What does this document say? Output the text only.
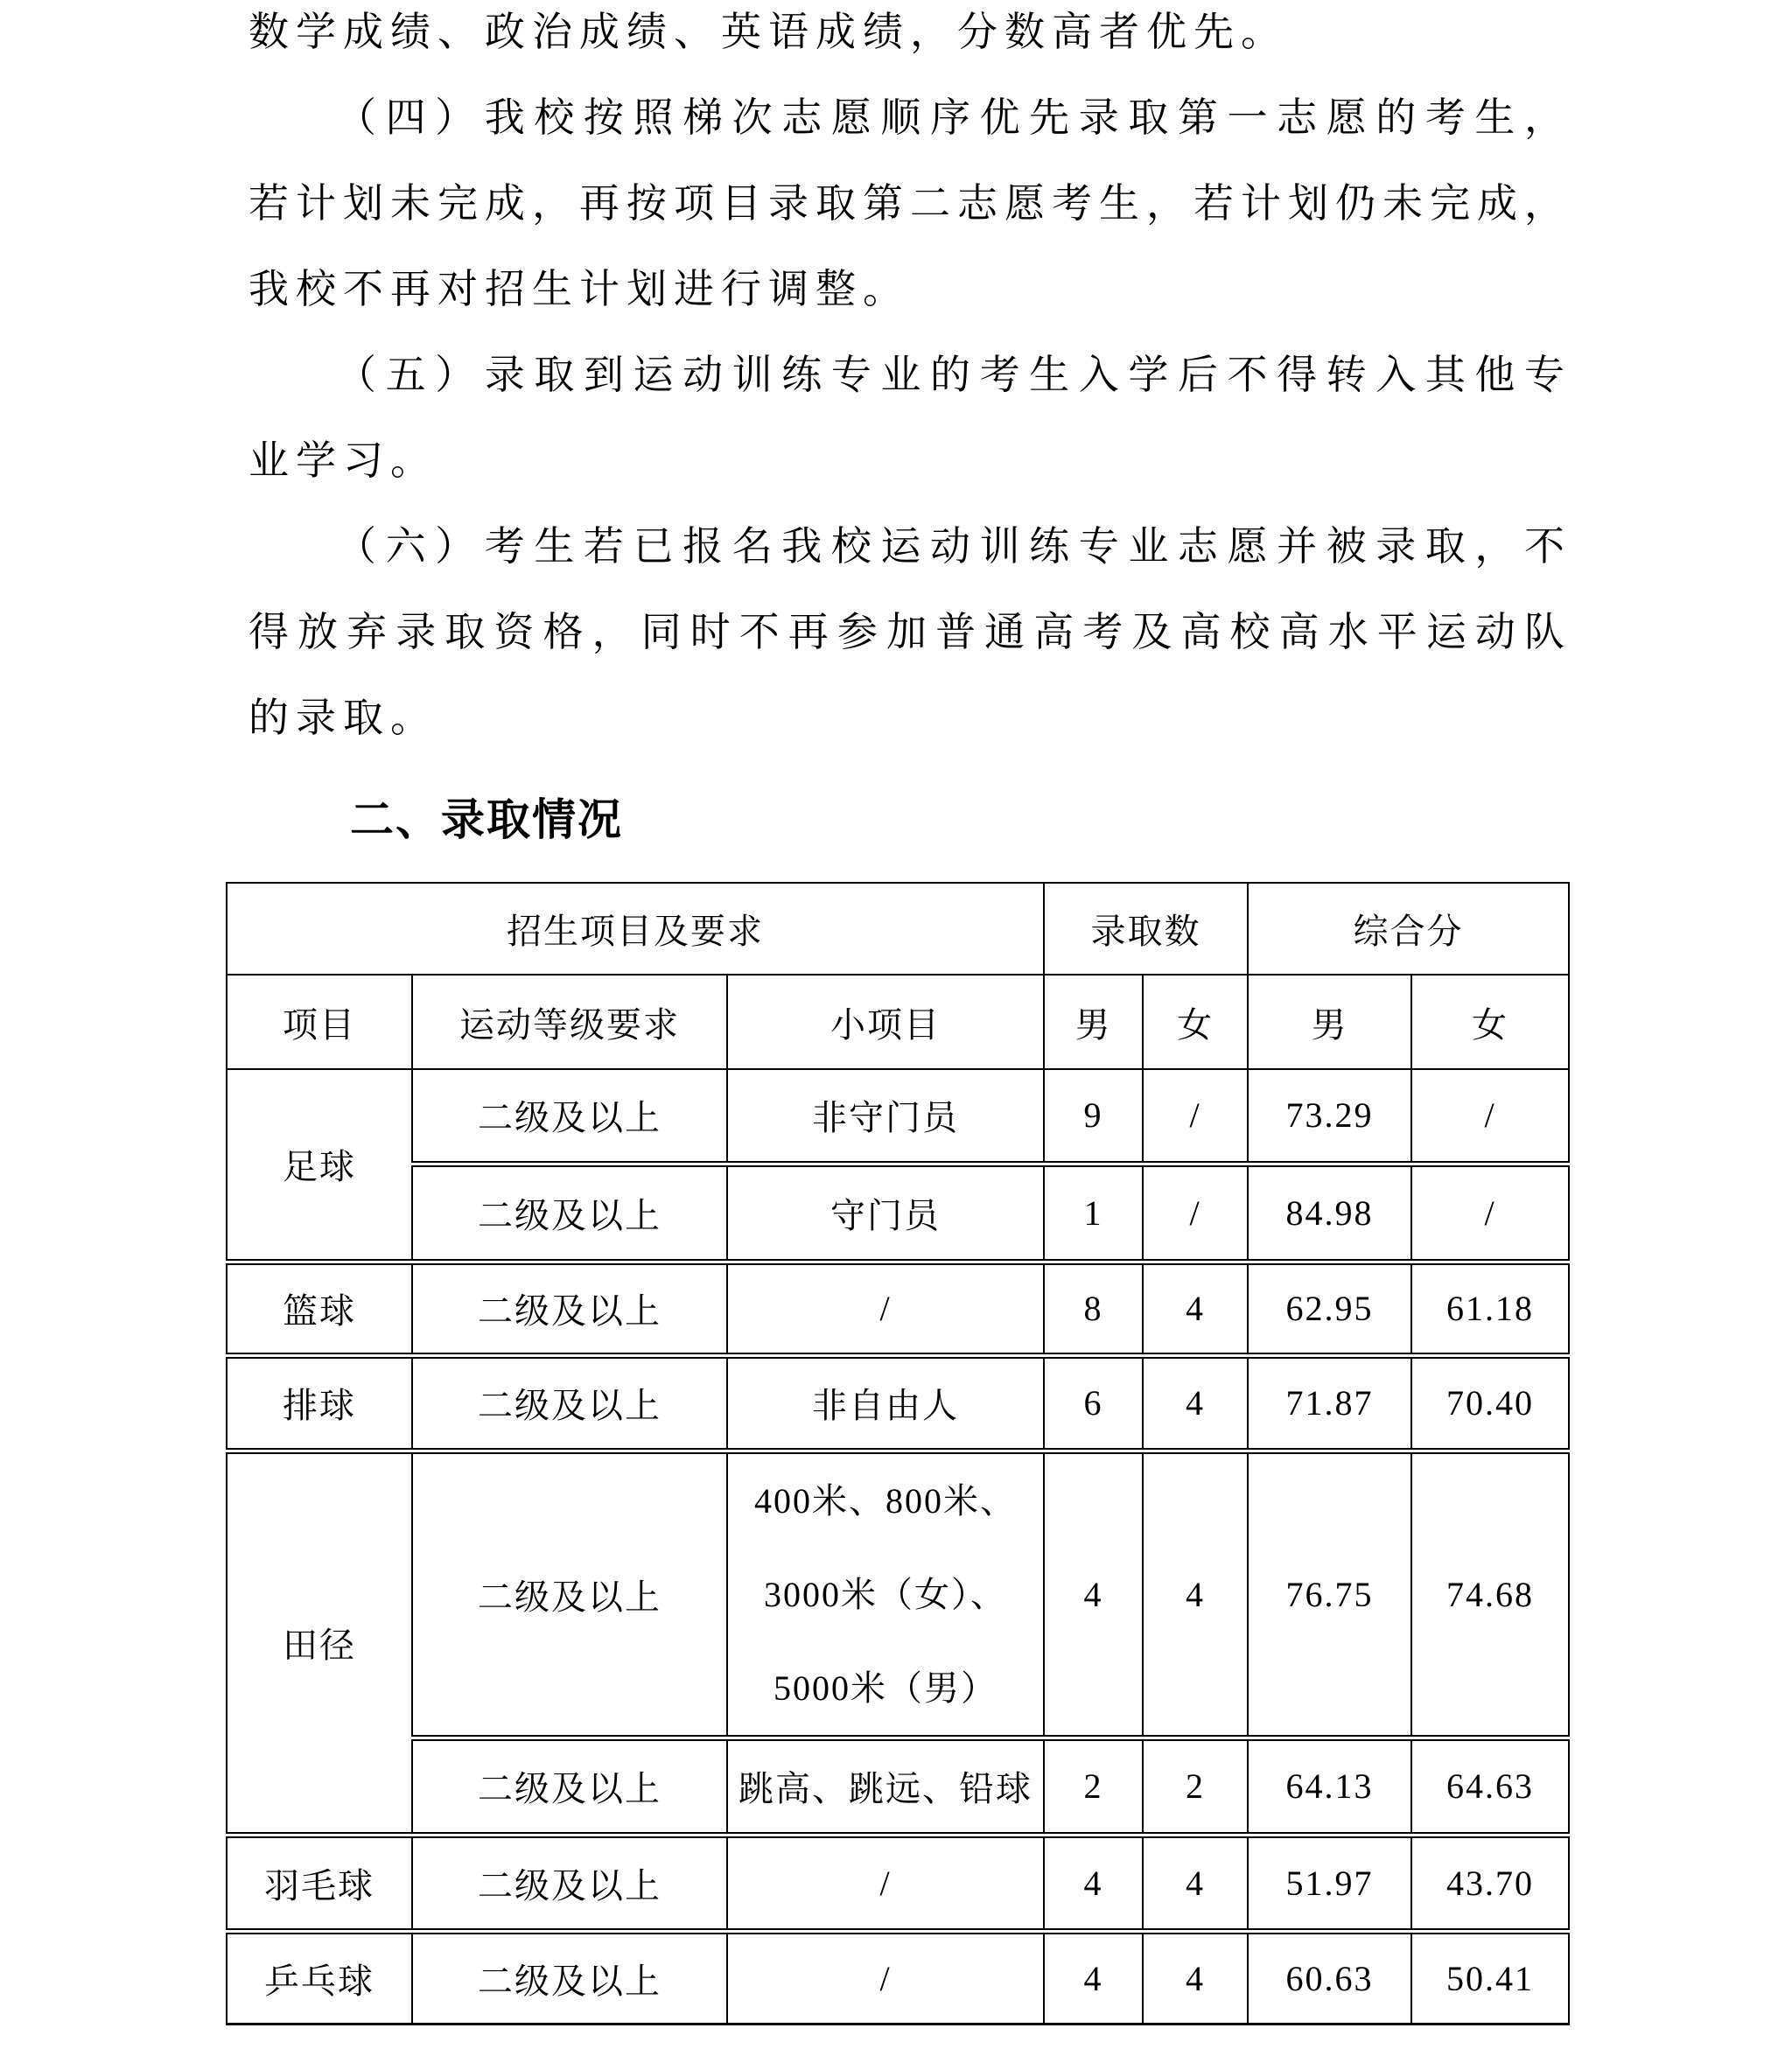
数学成绩、政治成绩、英语成绩，分数高者优先。
（四）我校按照梯次志愿顺序优先录取第一志愿的考生，
若计划未完成，再按项目录取第二志愿考生，若计划仍未完成，
我校不再对招生计划进行调整。
（五）录取到运动训练专业的考生入学后不得转入其他专
业学习。
（六）考生若已报名我校运动训练专业志愿并被录取，不
得放弃录取资格，同时不再参加普通高考及高校高水平运动队
的录取。
二、录取情况
招生项目及要求			录取数		综合分	
项目	运动等级要求	小项目	男	女	男	女
足球	二级及以上	非守门员	9	/	73.29	/
	二级及以上	守门员	1	/	84.98	/
篮球	二级及以上	/	8	4	62.95	61.18
排球	二级及以上	非自由人	6	4	71.87	70.40
田径	二级及以上	400米、800米、
3000米（女）、
5000米（男）	4	4	76.75	74.68
	二级及以上	跳高、跳远、铅球	2	2	64.13	64.63
羽毛球	二级及以上	/	4	4	51.97	43.70
乒乓球	二级及以上	/	4	4	60.63	50.41
